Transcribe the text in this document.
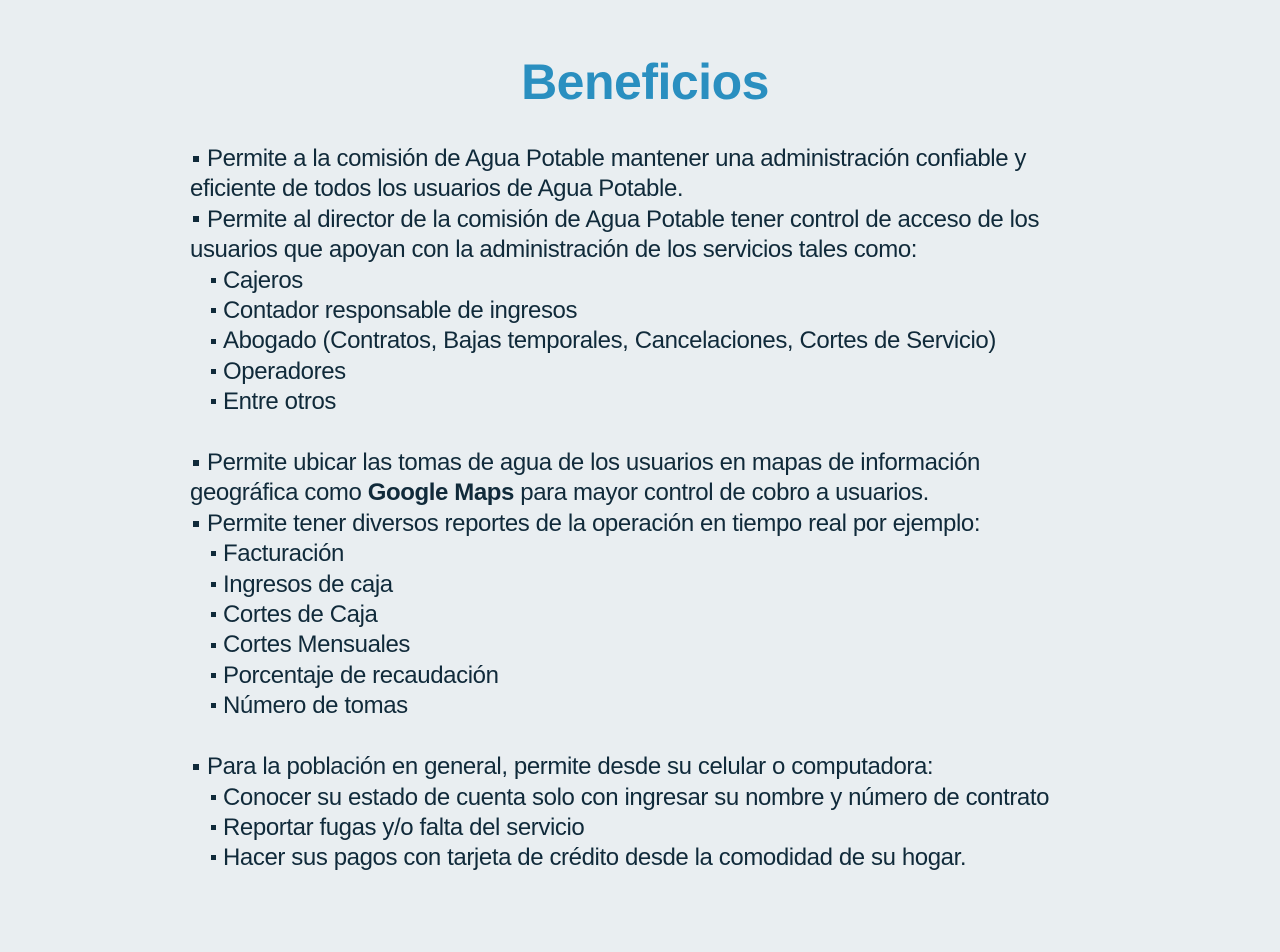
Beneficios
Permite a la comisión de Agua Potable mantener una administración confiable y eficiente de todos los usuarios de Agua Potable.
Permite al director de la comisión de Agua Potable tener control de acceso de los usuarios que apoyan con la administración de los servicios tales como:
Cajeros
Contador responsable de ingresos
Abogado (Contratos, Bajas temporales, Cancelaciones, Cortes de Servicio)
Operadores
Entre otros
Permite ubicar las tomas de agua de los usuarios en mapas de información geográfica como Google Maps para mayor control de cobro a usuarios.
Permite tener diversos reportes de la operación en tiempo real por ejemplo:
Facturación
Ingresos de caja
Cortes de Caja
Cortes Mensuales
Porcentaje de recaudación
Número de tomas
Para la población en general, permite desde su celular o computadora:
Conocer su estado de cuenta solo con ingresar su nombre y número de contrato
Reportar fugas y/o falta del servicio
Hacer sus pagos con tarjeta de crédito desde la comodidad de su hogar.
